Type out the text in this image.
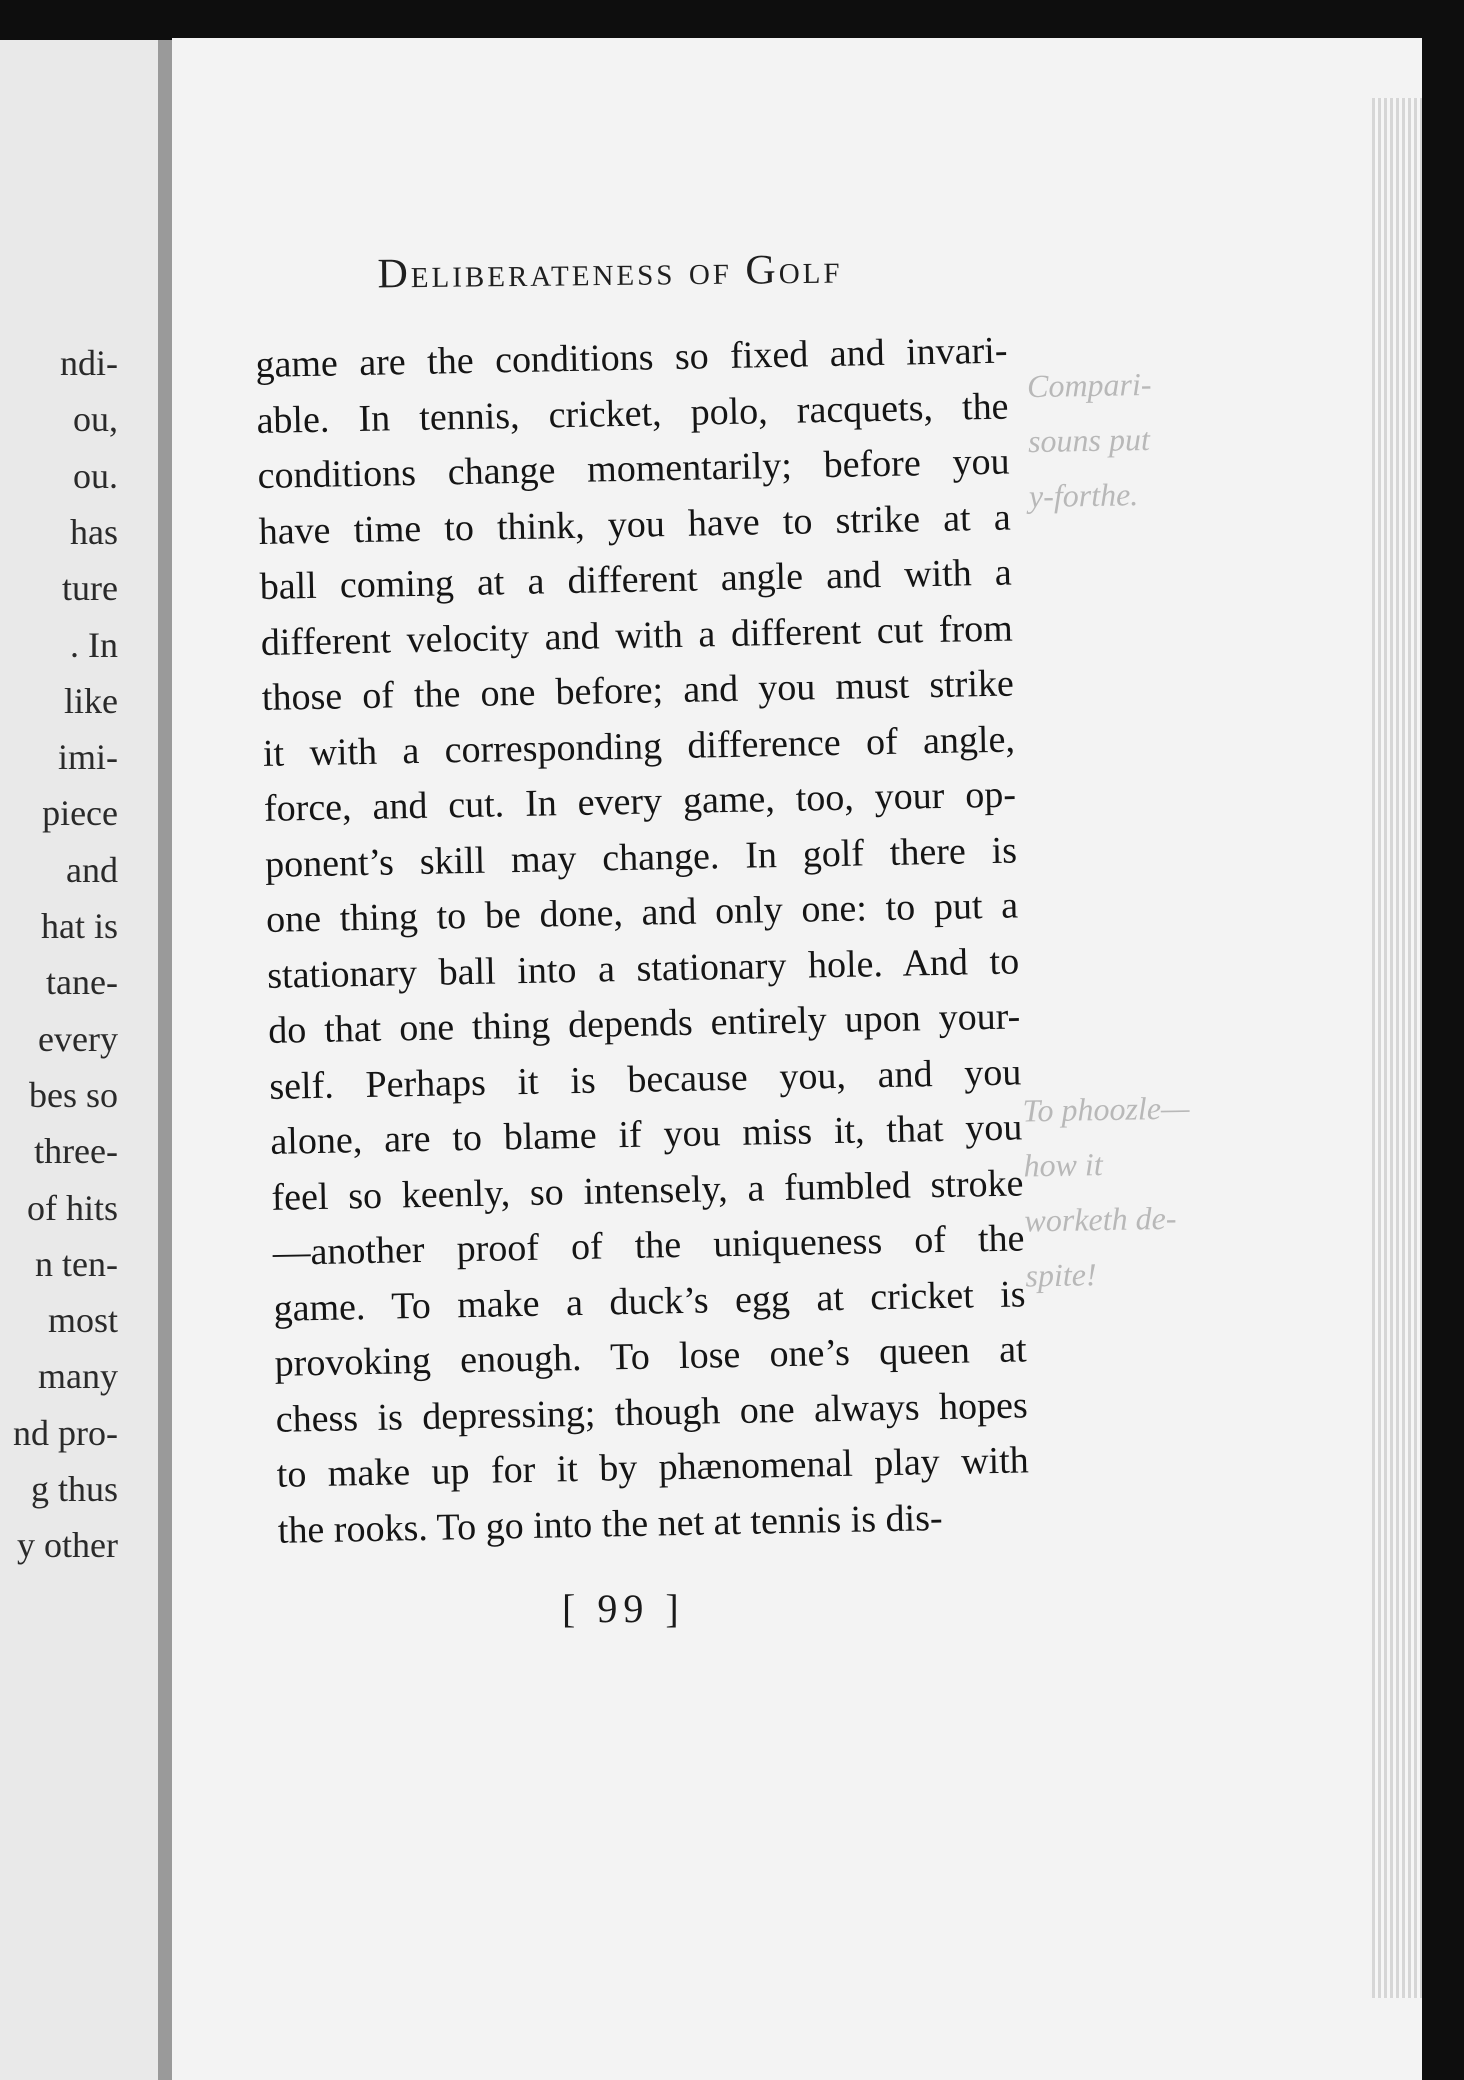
ndi-
ou,
ou.
has
ture
. In
like
imi-
piece
and
hat is
tane-
every
bes so
three-
of hits
n ten-
most
many
nd pro-
g thus
y other
Deliberateness of Golf
game are the conditions so fixed and invari-
able. In tennis, cricket, polo, racquets, the
conditions change momentarily; before you
have time to think, you have to strike at a
ball coming at a different angle and with a
different velocity and with a different cut from
those of the one before; and you must strike
it with a corresponding difference of angle,
force, and cut. In every game, too, your op-
ponent’s skill may change. In golf there is
one thing to be done, and only one: to put a
stationary ball into a stationary hole. And to
do that one thing depends entirely upon your-
self. Perhaps it is because you, and you
alone, are to blame if you miss it, that you
feel so keenly, so intensely, a fumbled stroke
—another proof of the uniqueness of the
game. To make a duck’s egg at cricket is
provoking enough. To lose one’s queen at
chess is depressing; though one always hopes
to make up for it by phænomenal play with
the rooks. To go into the net at tennis is dis-
Compari-
souns put
y-forthe.
To phoozle—
how it
worketh de-
spite!
[ 99 ]
